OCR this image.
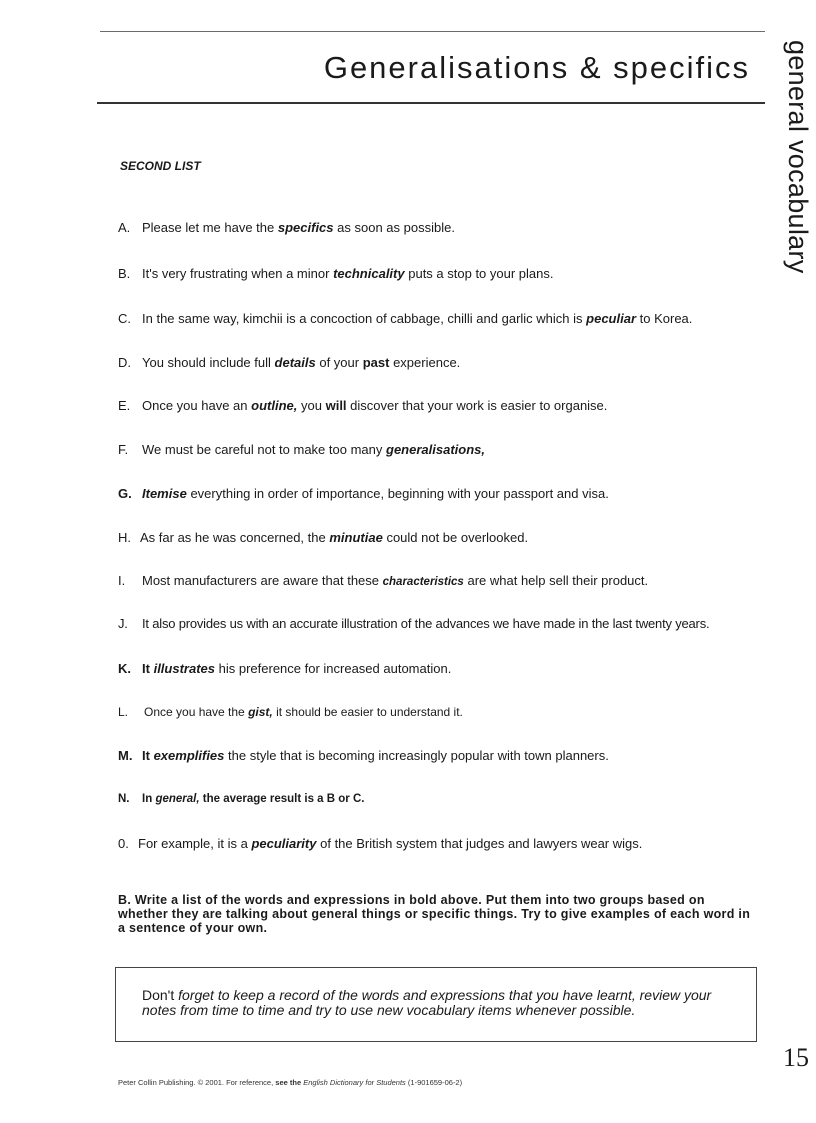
Generalisations & specifics general vocabulary
SECOND LIST
A. Please let me have the specifics as soon as possible.
B. It's very frustrating when a minor technicality puts a stop to your plans.
C. In the same way, kimchii is a concoction of cabbage, chilli and garlic which is peculiar to Korea.
D. You should include full details of your past experience.
E. Once you have an outline, you will discover that your work is easier to organise.
F. We must be careful not to make too many generalisations,
G. Itemise everything in order of importance, beginning with your passport and visa.
H. As far as he was concerned, the minutiae could not be overlooked.
I. Most manufacturers are aware that these characteristics are what help sell their product.
J. It also provides us with an accurate illustration of the advances we have made in the last twenty years.
K. It illustrates his preference for increased automation.
L. Once you have the gist, it should be easier to understand it.
M. It exemplifies the style that is becoming increasingly popular with town planners.
N. In general, the average result is a B or C.
0. For example, it is a peculiarity of the British system that judges and lawyers wear wigs.
B. Write a list of the words and expressions in bold above. Put them into two groups based on whether they are talking about general things or specific things. Try to give examples of each word in a sentence of your own.
Don't forget to keep a record of the words and expressions that you have learnt, review your notes from time to time and try to use new vocabulary items whenever possible.
15
Peter Collin Publishing. © 2001. For reference, see the English Dictionary for Students (1-901659-06-2)
